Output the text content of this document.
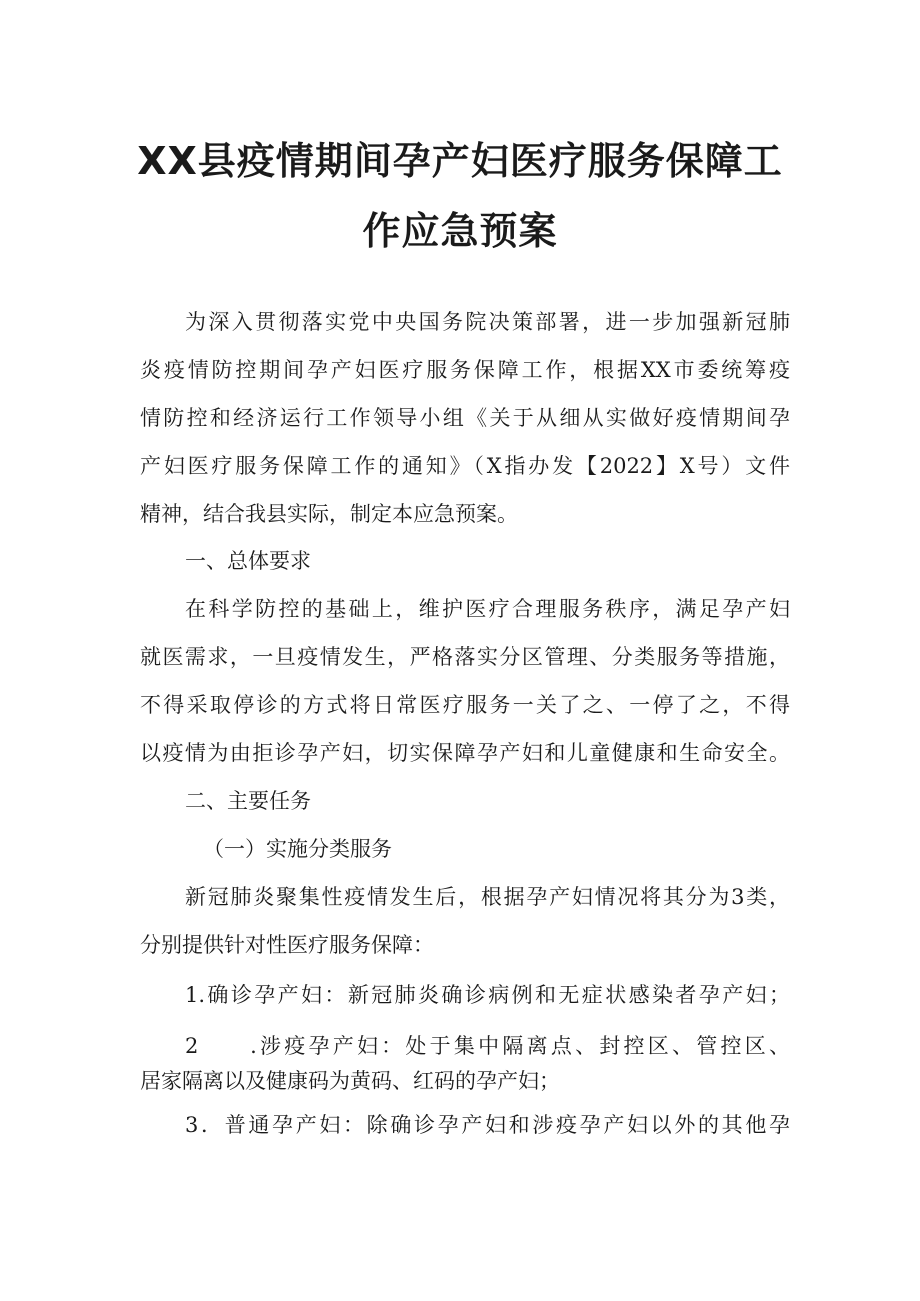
XX县疫情期间孕产妇医疗服务保障工
作应急预案

为深入贯彻落实党中央国务院决策部署，进一步加强新冠肺

炎疫情防控期间孕产妇医疗服务保障工作，根据XX市委统筹疫

情防控和经济运行工作领导小组《关于从细从实做好疫情期间孕

产妇医疗服务保障工作的通知》（X指办发【2022】X号）文件

精神，结合我县实际，制定本应急预案。

一、总体要求

在科学防控的基础上，维护医疗合理服务秩序，满足孕产妇

就医需求，一旦疫情发生，严格落实分区管理、分类服务等措施，

不得采取停诊的方式将日常医疗服务一关了之、一停了之，不得

以疫情为由拒诊孕产妇，切实保障孕产妇和儿童健康和生命安全。

二、主要任务

（一）实施分类服务

新冠肺炎聚集性疫情发生后，根据孕产妇情况将其分为3类，

分别提供针对性医疗服务保障：

1.确诊孕产妇：新冠肺炎确诊病例和无症状感染者孕产妇；

2　　.涉疫孕产妇：处于集中隔离点、封控区、管控区、

居家隔离以及健康码为黄码、红码的孕产妇；

3．普通孕产妇：除确诊孕产妇和涉疫孕产妇以外的其他孕
